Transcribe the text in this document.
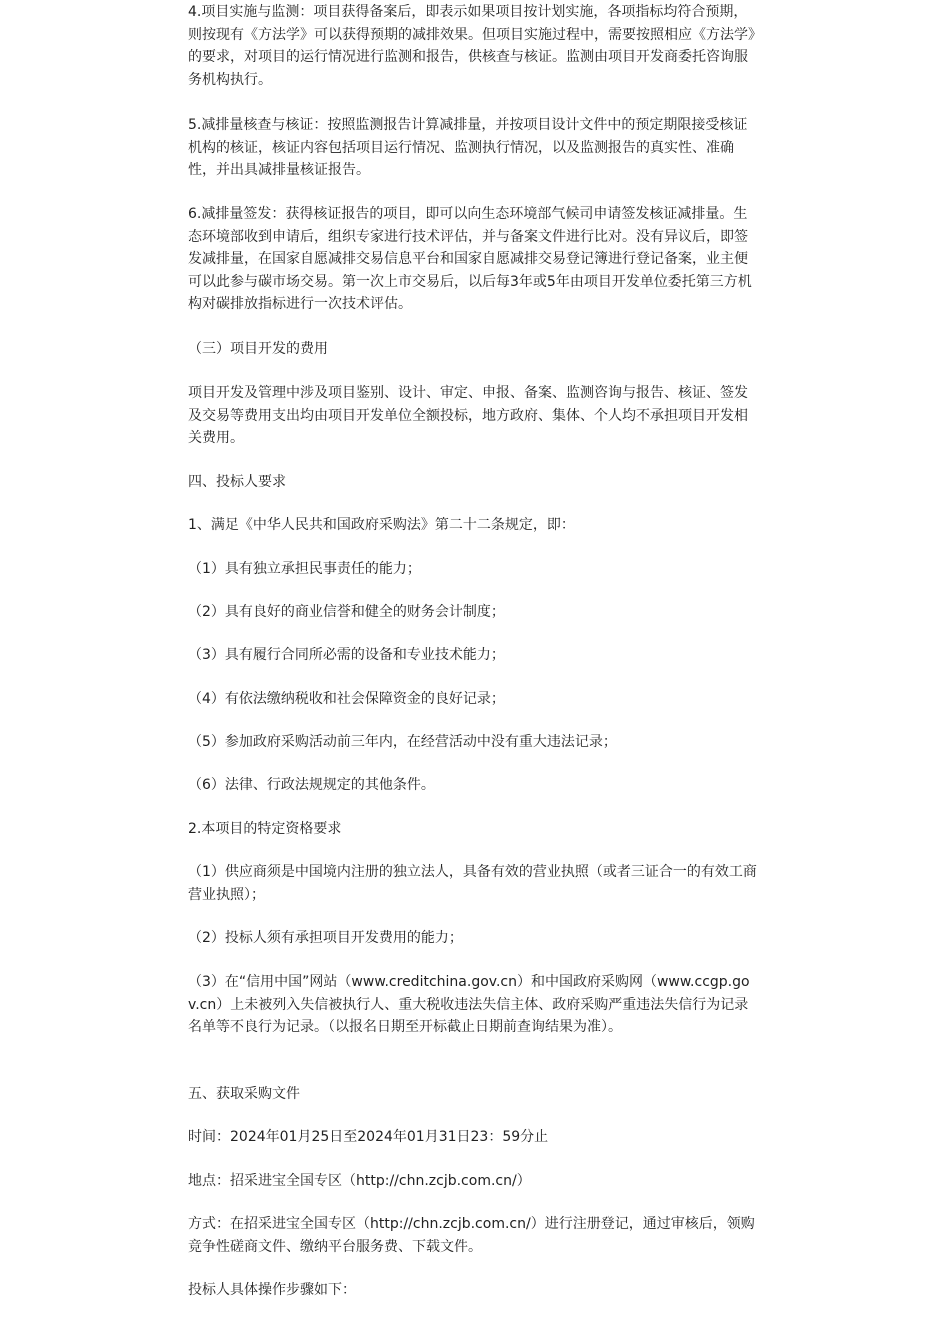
4.项目实施与监测：项目获得备案后，即表示如果项目按计划实施，各项指标均符合预期，则按现有《方法学》可以获得预期的减排效果。但项目实施过程中，需要按照相应《方法学》的要求，对项目的运行情况进行监测和报告，供核查与核证。监测由项目开发商委托咨询服务机构执行。

5.减排量核查与核证：按照监测报告计算减排量，并按项目设计文件中的预定期限接受核证机构的核证，核证内容包括项目运行情况、监测执行情况，以及监测报告的真实性、准确性，并出具减排量核证报告。

6.减排量签发：获得核证报告的项目，即可以向生态环境部气候司申请签发核证减排量。生态环境部收到申请后，组织专家进行技术评估，并与备案文件进行比对。没有异议后，即签发减排量，在国家自愿减排交易信息平台和国家自愿减排交易登记簿进行登记备案，业主便可以此参与碳市场交易。第一次上市交易后，以后每3年或5年由项目开发单位委托第三方机构对碳排放指标进行一次技术评估。

（三）项目开发的费用

项目开发及管理中涉及项目鉴别、设计、审定、申报、备案、监测咨询与报告、核证、签发及交易等费用支出均由项目开发单位全额投标，地方政府、集体、个人均不承担项目开发相关费用。

四、投标人要求

1、满足《中华人民共和国政府采购法》第二十二条规定，即：

（1）具有独立承担民事责任的能力；

（2）具有良好的商业信誉和健全的财务会计制度；

（3）具有履行合同所必需的设备和专业技术能力；

（4）有依法缴纳税收和社会保障资金的良好记录；

（5）参加政府采购活动前三年内，在经营活动中没有重大违法记录；

（6）法律、行政法规规定的其他条件。

2.本项目的特定资格要求

（1）供应商须是中国境内注册的独立法人，具备有效的营业执照（或者三证合一的有效工商营业执照）；

（2）投标人须有承担项目开发费用的能力；

（3）在“信用中国”网站（www.creditchina.gov.cn）和中国政府采购网（www.ccgp.gov.cn）上未被列入失信被执行人、重大税收违法失信主体、政府采购严重违法失信行为记录名单等不良行为记录。（以报名日期至开标截止日期前查询结果为准）。

五、获取采购文件

时间：2024年01月25日至2024年01月31日23：59分止

地点：招采进宝全国专区（http://chn.zcjb.com.cn/）

方式：在招采进宝全国专区（http://chn.zcjb.com.cn/）进行注册登记，通过审核后，领购竞争性磋商文件、缴纳平台服务费、下载文件。

投标人具体操作步骤如下：
